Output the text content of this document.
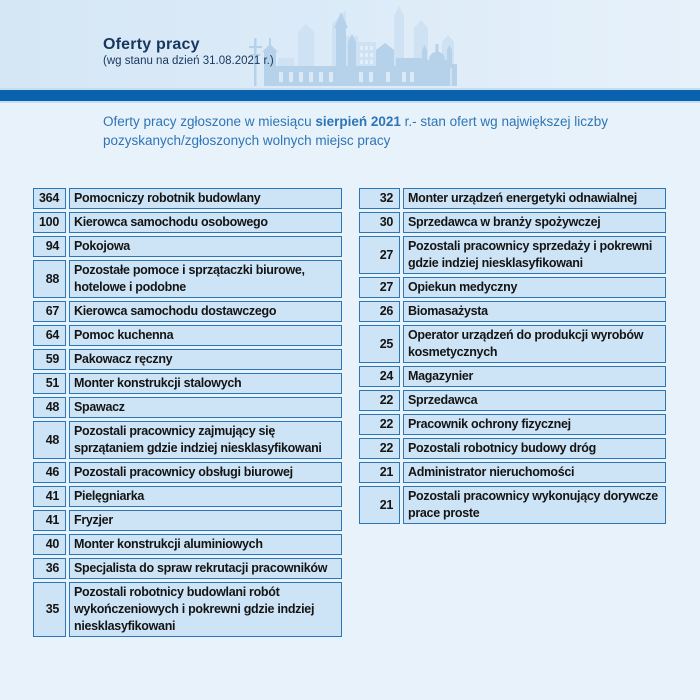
Oferty pracy
(wg stanu na dzień 31.08.2021 r.)

Oferty pracy zgłoszone w miesiącu sierpień 2021 r.- stan ofert wg największej liczby pozyskanych/zgłoszonych wolnych miejsc pracy

364	Pomocniczy robotnik budowlany
100	Kierowca samochodu osobowego
94	Pokojowa
88	Pozostałe pomoce i sprzątaczki biurowe, hotelowe i podobne
67	Kierowca samochodu dostawczego
64	Pomoc kuchenna
59	Pakowacz ręczny
51	Monter konstrukcji stalowych
48	Spawacz
48	Pozostali pracownicy zajmujący się sprzątaniem gdzie indziej niesklasyfikowani
46	Pozostali pracownicy obsługi biurowej
41	Pielęgniarka
41	Fryzjer
40	Monter konstrukcji aluminiowych
36	Specjalista do spraw rekrutacji pracowników
35	Pozostali robotnicy budowlani robót wykończeniowych i pokrewni gdzie indziej niesklasyfikowani
32	Monter urządzeń energetyki odnawialnej
30	Sprzedawca w branży spożywczej
27	Pozostali pracownicy sprzedaży i pokrewni gdzie indziej niesklasyfikowani
27	Opiekun medyczny
26	Biomasażysta
25	Operator urządzeń do produkcji wyrobów kosmetycznych
24	Magazynier
22	Sprzedawca
22	Pracownik ochrony fizycznej
22	Pozostali robotnicy budowy dróg
21	Administrator nieruchomości
21	Pozostali pracownicy wykonujący dorywcze prace proste
